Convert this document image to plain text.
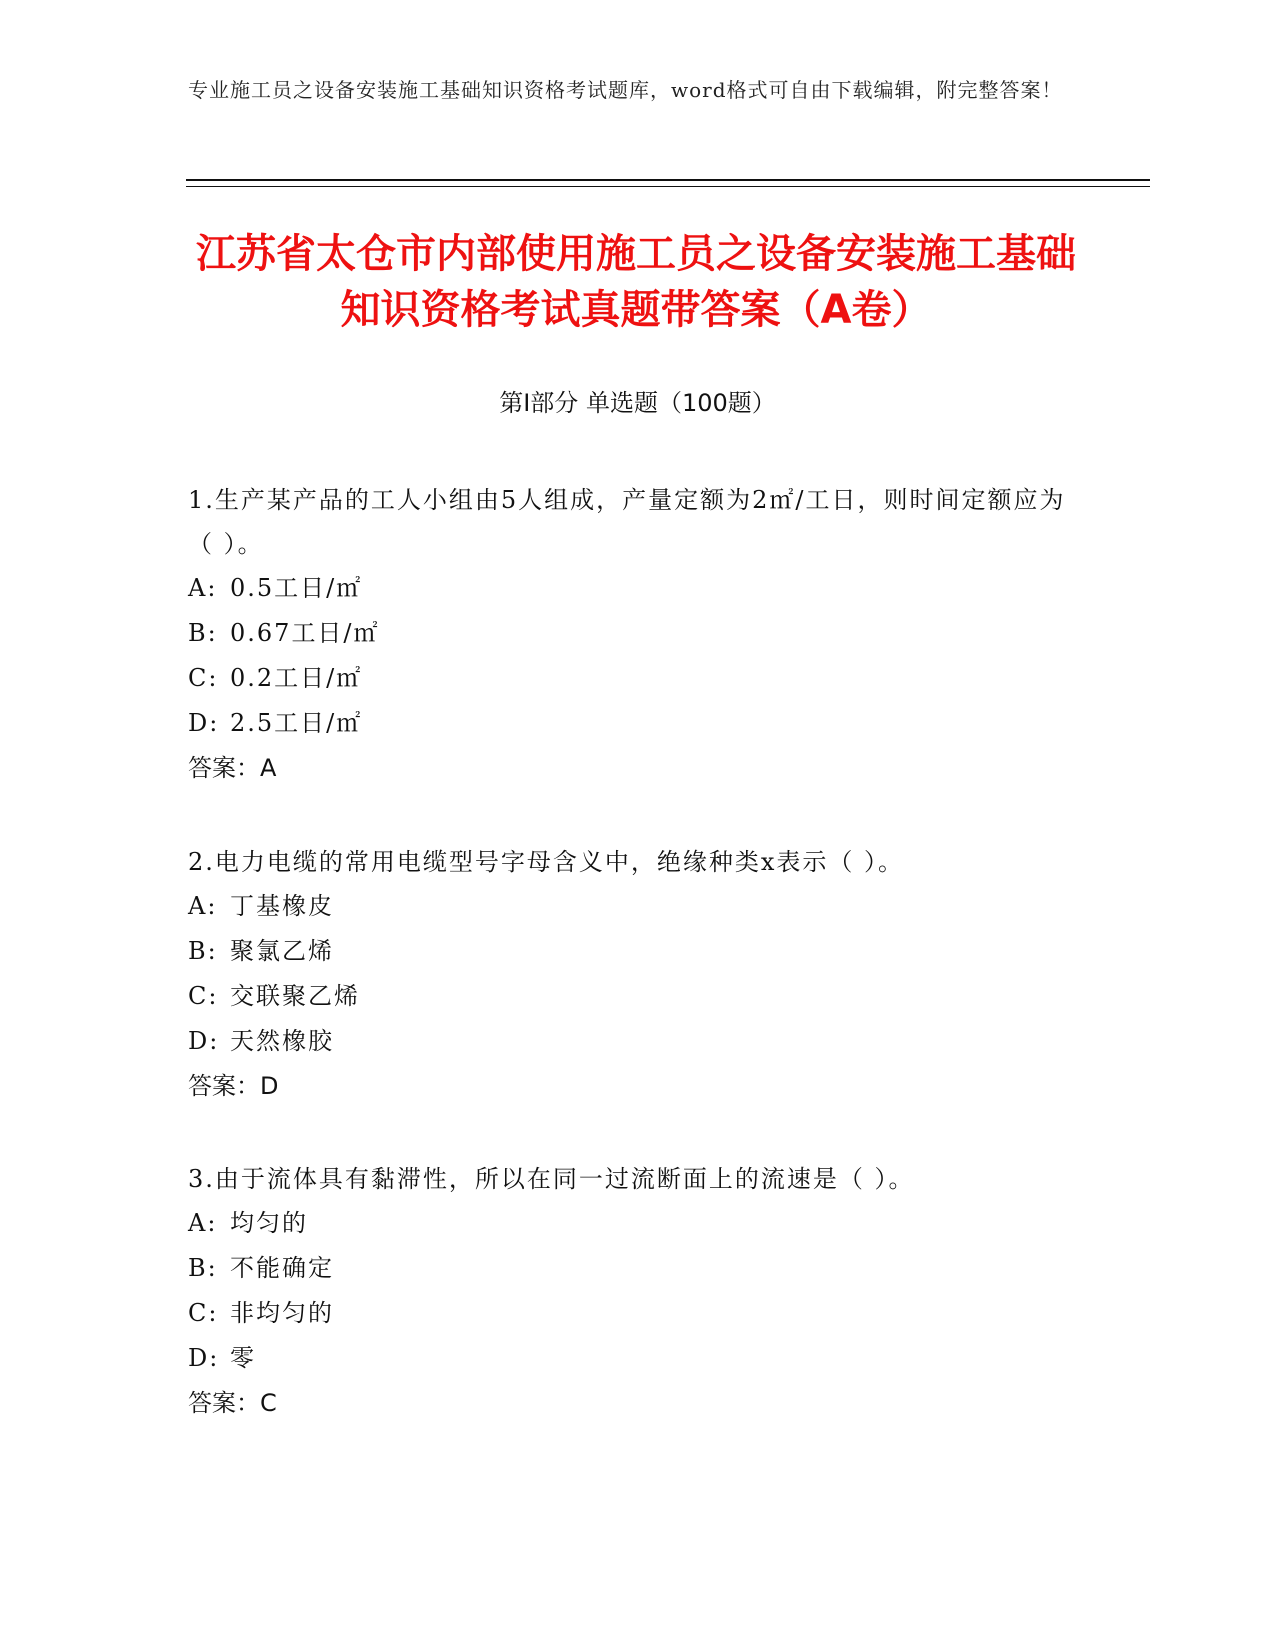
专业施工员之设备安装施工基础知识资格考试题库，word格式可自由下载编辑，附完整答案！
江苏省太仓市内部使用施工员之设备安装施工基础知识资格考试真题带答案（A卷）
第Ⅰ部分 单选题（100题）

1.生产某产品的工人小组由5人组成，产量定额为2㎡/工日，则时间定额应为（ ）。

A: 0.5工日/㎡

B: 0.67工日/㎡

C: 0.2工日/㎡

D: 2.5工日/㎡

答案：A

2.电力电缆的常用电缆型号字母含义中，绝缘种类x表示（ ）。

A: 丁基橡皮

B: 聚氯乙烯

C: 交联聚乙烯

D: 天然橡胶

答案：D

3.由于流体具有黏滞性，所以在同一过流断面上的流速是（ ）。

A: 均匀的

B: 不能确定

C: 非均匀的

D: 零

答案：C
